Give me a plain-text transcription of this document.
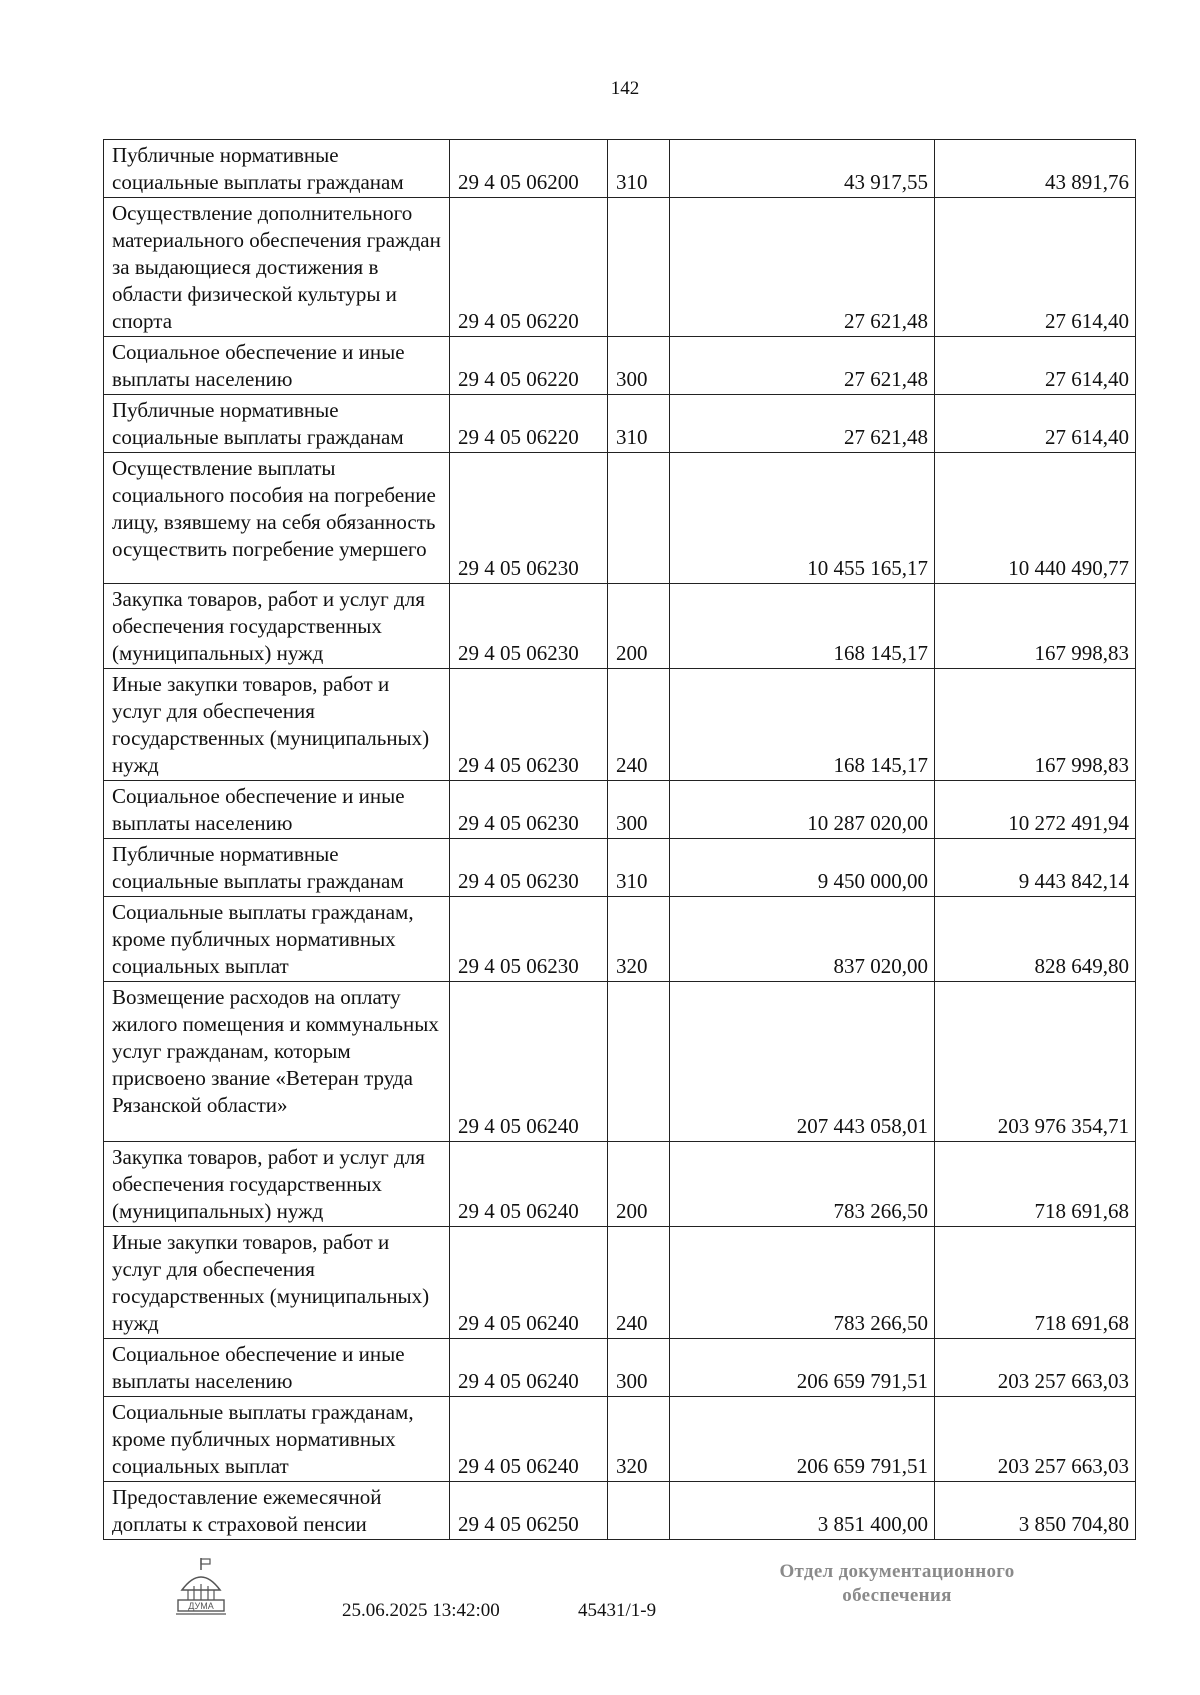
142
Публичные нормативные социальные выплаты гражданам	29 4 05 06200	310	43 917,55	43 891,76
Осуществление дополнительного материального обеспечения граждан за выдающиеся достижения в области физической культуры и спорта	29 4 05 06220		27 621,48	27 614,40
Социальное обеспечение и иные выплаты населению	29 4 05 06220	300	27 621,48	27 614,40
Публичные нормативные социальные выплаты гражданам	29 4 05 06220	310	27 621,48	27 614,40
Осуществление выплаты социального пособия на погребение лицу, взявшему на себя обязанность осуществить погребение умершего	29 4 05 06230		10 455 165,17	10 440 490,77
Закупка товаров, работ и услуг для обеспечения государственных (муниципальных) нужд	29 4 05 06230	200	168 145,17	167 998,83
Иные закупки товаров, работ и услуг для обеспечения государственных (муниципальных) нужд	29 4 05 06230	240	168 145,17	167 998,83
Социальное обеспечение и иные выплаты населению	29 4 05 06230	300	10 287 020,00	10 272 491,94
Публичные нормативные социальные выплаты гражданам	29 4 05 06230	310	9 450 000,00	9 443 842,14
Социальные выплаты гражданам, кроме публичных нормативных социальных выплат	29 4 05 06230	320	837 020,00	828 649,80
Возмещение расходов на оплату жилого помещения и коммунальных услуг гражданам, которым присвоено звание «Ветеран труда Рязанской области»	29 4 05 06240		207 443 058,01	203 976 354,71
Закупка товаров, работ и услуг для обеспечения государственных (муниципальных) нужд	29 4 05 06240	200	783 266,50	718 691,68
Иные закупки товаров, работ и услуг для обеспечения государственных (муниципальных) нужд	29 4 05 06240	240	783 266,50	718 691,68
Социальное обеспечение и иные выплаты населению	29 4 05 06240	300	206 659 791,51	203 257 663,03
Социальные выплаты гражданам, кроме публичных нормативных социальных выплат	29 4 05 06240	320	206 659 791,51	203 257 663,03
Предоставление ежемесячной доплаты к страховой пенсии	29 4 05 06250		3 851 400,00	3 850 704,80
ДУМА	25.06.2025 13:42:00	45431/1-9
Отдел документационного
обеспечения
